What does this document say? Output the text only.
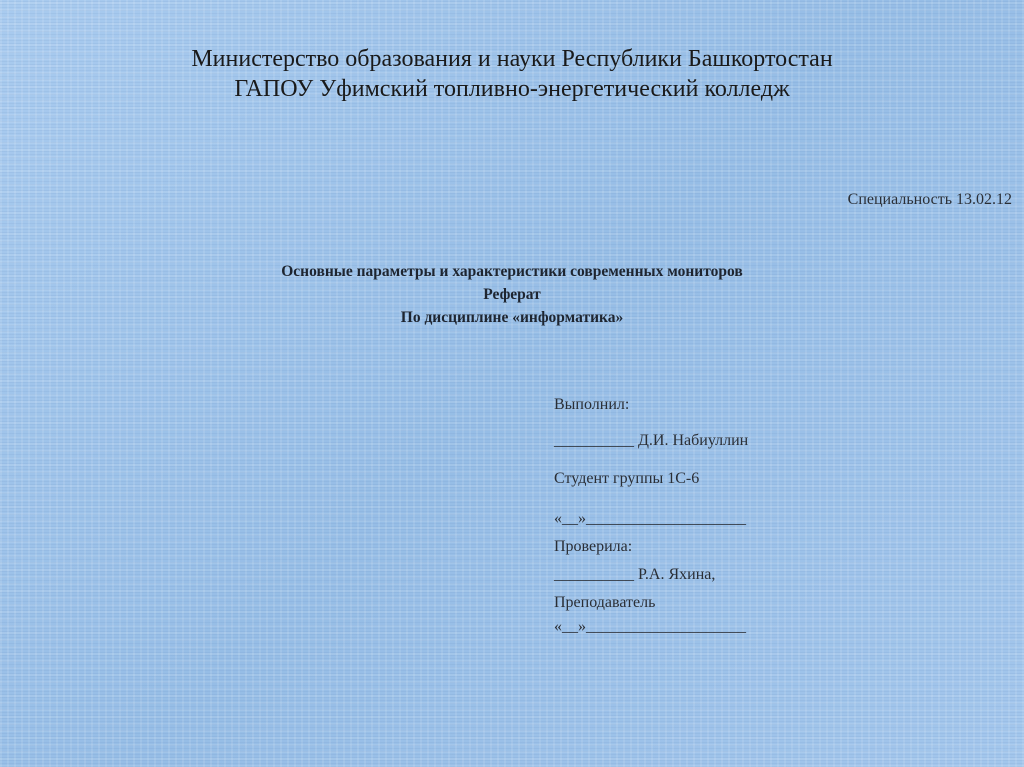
Министерство образования и науки Республики Башкортостан
ГАПОУ Уфимский топливно-энергетический колледж
Специальность 13.02.12
Основные параметры и характеристики современных мониторов
Реферат
По дисциплине «информатика»
Выполнил:
__________ Д.И. Набиуллин
Студент группы 1С-6
«__»____________________
Проверила:
__________ Р.А. Яхина,
Преподаватель
«__»____________________
